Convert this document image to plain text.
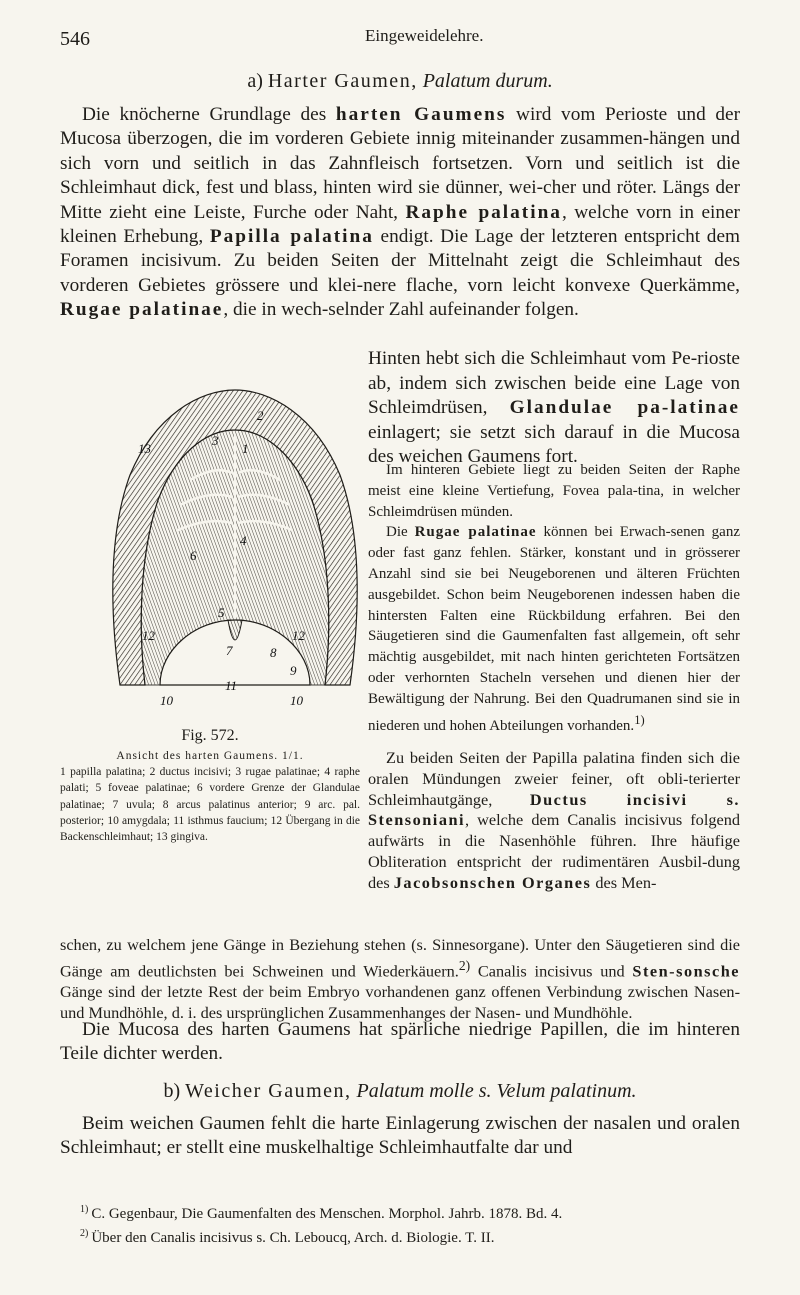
546	Eingeweidelehre.
a) Harter Gaumen, Palatum durum.

Die knöcherne Grundlage des harten Gaumens wird vom Perioste und der Mucosa überzogen, die im vorderen Gebiete innig miteinander zusammen-hängen und sich vorn und seitlich in das Zahnfleisch fortsetzen. Vorn und seitlich ist die Schleimhaut dick, fest und blass, hinten wird sie dünner, wei-cher und röter. Längs der Mitte zieht eine Leiste, Furche oder Naht, Raphe palatina, welche vorn in einer kleinen Erhebung, Papilla palatina endigt. Die Lage der letzteren entspricht dem Foramen incisivum. Zu beiden Seiten der Mittelnaht zeigt die Schleimhaut des vorderen Gebietes grössere und klei-nere flache, vorn leicht konvexe Querkämme, Rugae palatinae, die in wech-selnder Zahl aufeinander folgen.

Hinten hebt sich die Schleimhaut vom Pe-rioste ab, indem sich zwischen beide eine Lage von Schleimdrüsen, Glandulae pa-latinae einlagert; sie setzt sich darauf in die Mucosa des weichen Gaumens fort.

Im hinteren Gebiete liegt zu beiden Seiten der Raphe meist eine kleine Vertiefung, Fovea pala-tina, in welcher Schleimdrüsen münden.

Die Rugae palatinae können bei Erwach-senen ganz oder fast ganz fehlen. Stärker, konstant und in grösserer Anzahl sind sie bei Neugeborenen und älteren Früchten ausgebildet. Schon beim Neugeborenen indessen haben die hintersten Falten eine Rückbildung erfahren. Bei den Säugetieren sind die Gaumenfalten fast allgemein, oft sehr mächtig ausgebildet, mit nach hinten gerichteten Fortsätzen oder verhornten Stacheln versehen und dienen hier der Bewältigung der Nahrung. Bei den Quadrumanen sind sie in niederen und hohen Abteilungen vorhanden.$^{1)}$

Zu beiden Seiten der Papilla palatina finden sich die oralen Mündungen zweier feiner, oft obli-terierter Schleimhautgänge, Ductus incisivi s. Stensoniani, welche dem Canalis incisivus folgend aufwärts in die Nasenhöhle führen. Ihre häufige Obliteration entspricht der rudimentären Ausbil-dung des Jacobsonschen Organes des Men-

schen, zu welchem jene Gänge in Beziehung stehen (s. Sinnesorgane). Unter den Säugetieren sind die Gänge am deutlichsten bei Schweinen und Wiederkäuern.$^{2)}$ Canalis incisivus und Sten-sonsche Gänge sind der letzte Rest der beim Embryo vorhandenen ganz offenen Verbindung zwischen Nasen- und Mundhöhle, d. i. des ursprünglichen Zusammenhanges der Nasen- und Mundhöhle.

Die Mucosa des harten Gaumens hat spärliche niedrige Papillen, die im hinteren Teile dichter werden.

b) Weicher Gaumen, Palatum molle s. Velum palatinum.

Beim weichen Gaumen fehlt die harte Einlagerung zwischen der nasalen und oralen Schleimhaut; er stellt eine muskelhaltige Schleimhautfalte dar und

2
3
13	1
4
6
5
12	12
7	8
9
11
10	10
Fig. 572.
Ansicht des harten Gaumens. 1/1.
1 papilla palatina; 2 ductus incisivi; 3 rugae palatinae; 4 raphe palati; 5 foveae palatinae; 6 vordere Grenze der Glandulae palatinae; 7 uvula; 8 arcus palatinus anterior; 9 arc. pal. posterior; 10 amygdala; 11 isthmus faucium; 12 Übergang in die Backenschleimhaut; 13 gingiva.
$^{1)}$ C. Gegenbaur, Die Gaumenfalten des Menschen. Morphol. Jahrb. 1878. Bd. 4.
$^{2)}$ Über den Canalis incisivus s. Ch. Leboucq, Arch. d. Biologie. T. II.
